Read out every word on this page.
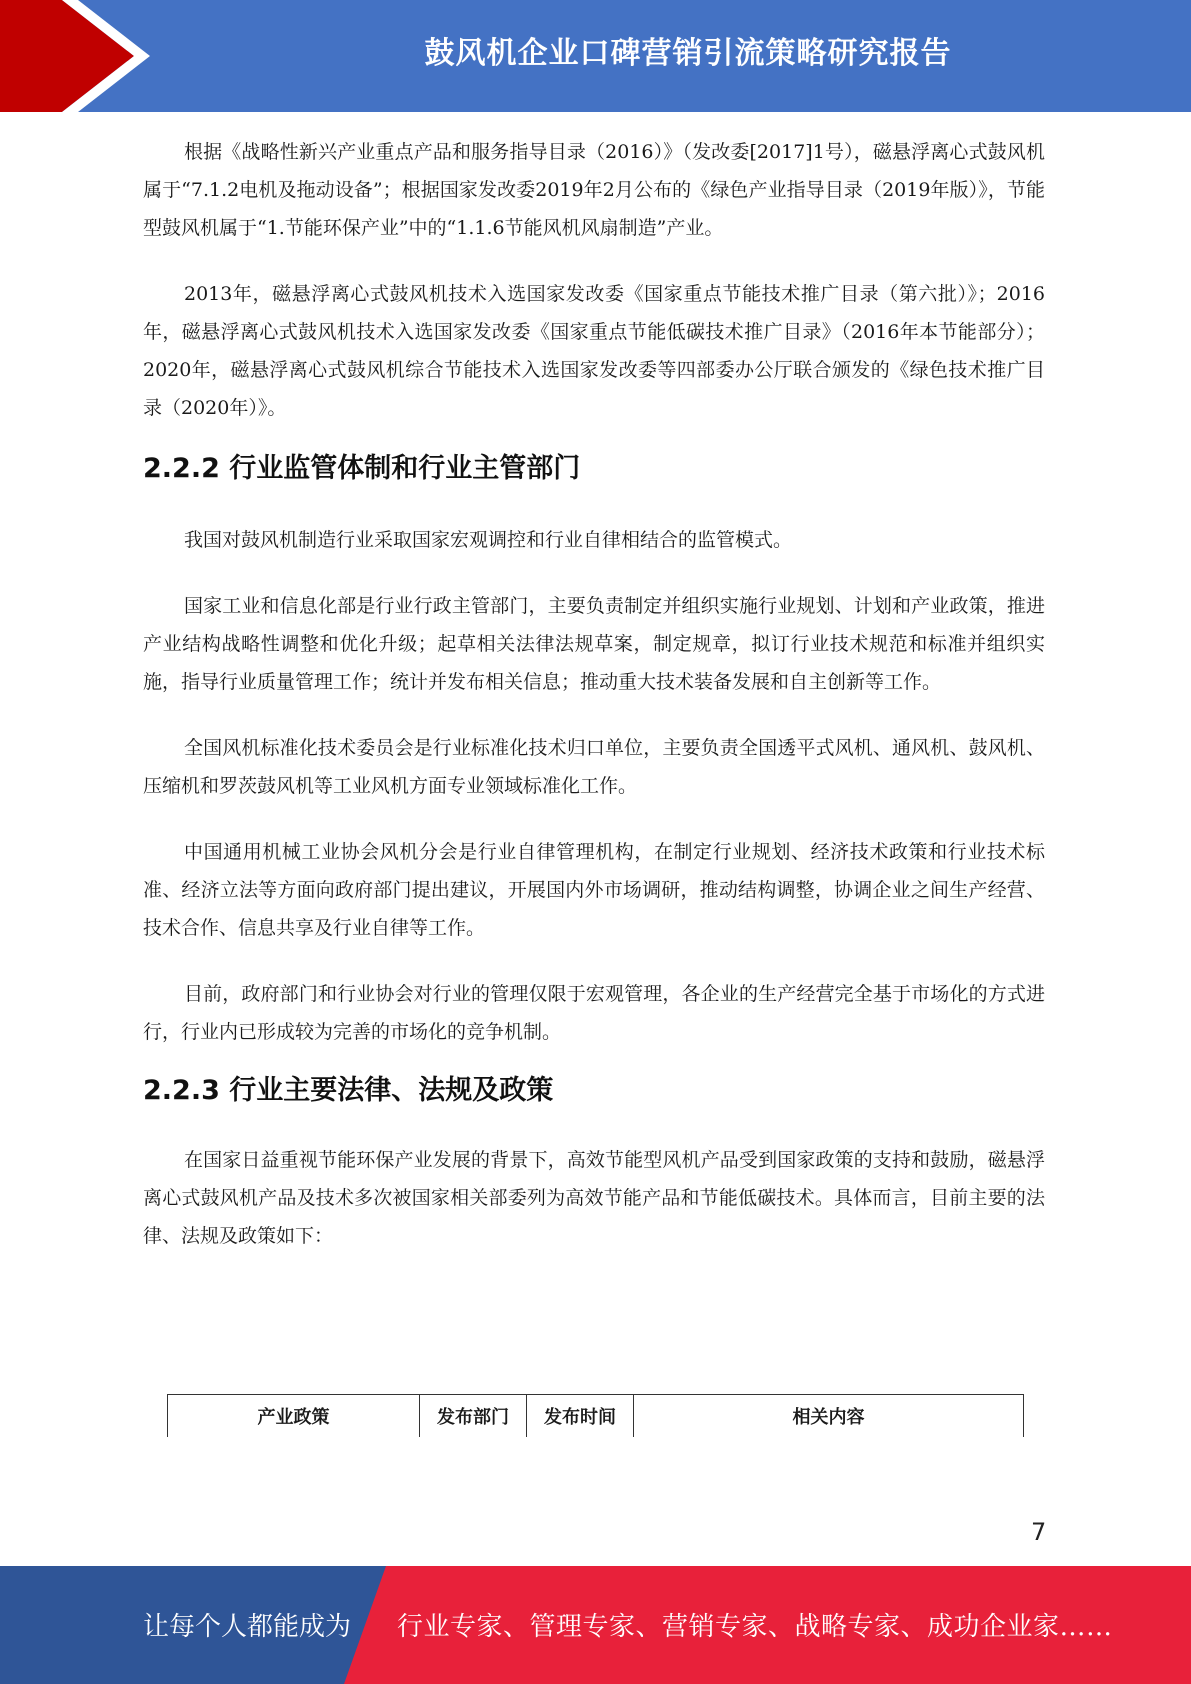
鼓风机企业口碑营销引流策略研究报告

根据《战略性新兴产业重点产品和服务指导目录（2016）》（发改委[2017]1号），磁悬浮离心式鼓风机属于“7.1.2电机及拖动设备”；根据国家发改委2019年2月公布的《绿色产业指导目录（2019年版）》，节能型鼓风机属于“1.节能环保产业”中的“1.1.6节能风机风扇制造”产业。

2013年，磁悬浮离心式鼓风机技术入选国家发改委《国家重点节能技术推广目录（第六批）》；2016年，磁悬浮离心式鼓风机技术入选国家发改委《国家重点节能低碳技术推广目录》（2016年本节能部分）；2020年，磁悬浮离心式鼓风机综合节能技术入选国家发改委等四部委办公厅联合颁发的《绿色技术推广目录（2020年）》。

2.2.2 行业监管体制和行业主管部门

我国对鼓风机制造行业采取国家宏观调控和行业自律相结合的监管模式。

国家工业和信息化部是行业行政主管部门，主要负责制定并组织实施行业规划、计划和产业政策，推进产业结构战略性调整和优化升级；起草相关法律法规草案，制定规章，拟订行业技术规范和标准并组织实施，指导行业质量管理工作；统计并发布相关信息；推动重大技术装备发展和自主创新等工作。

全国风机标准化技术委员会是行业标准化技术归口单位，主要负责全国透平式风机、通风机、鼓风机、压缩机和罗茨鼓风机等工业风机方面专业领域标准化工作。

中国通用机械工业协会风机分会是行业自律管理机构，在制定行业规划、经济技术政策和行业技术标准、经济立法等方面向政府部门提出建议，开展国内外市场调研，推动结构调整，协调企业之间生产经营、技术合作、信息共享及行业自律等工作。

目前，政府部门和行业协会对行业的管理仅限于宏观管理，各企业的生产经营完全基于市场化的方式进行，行业内已形成较为完善的市场化的竞争机制。

2.2.3 行业主要法律、法规及政策

在国家日益重视节能环保产业发展的背景下，高效节能型风机产品受到国家政策的支持和鼓励，磁悬浮离心式鼓风机产品及技术多次被国家相关部委列为高效节能产品和节能低碳技术。具体而言，目前主要的法律、法规及政策如下：

产业政策	发布部门	发布时间	相关内容
7
让每个人都能成为 行业专家、管理专家、营销专家、战略专家、成功企业家……
